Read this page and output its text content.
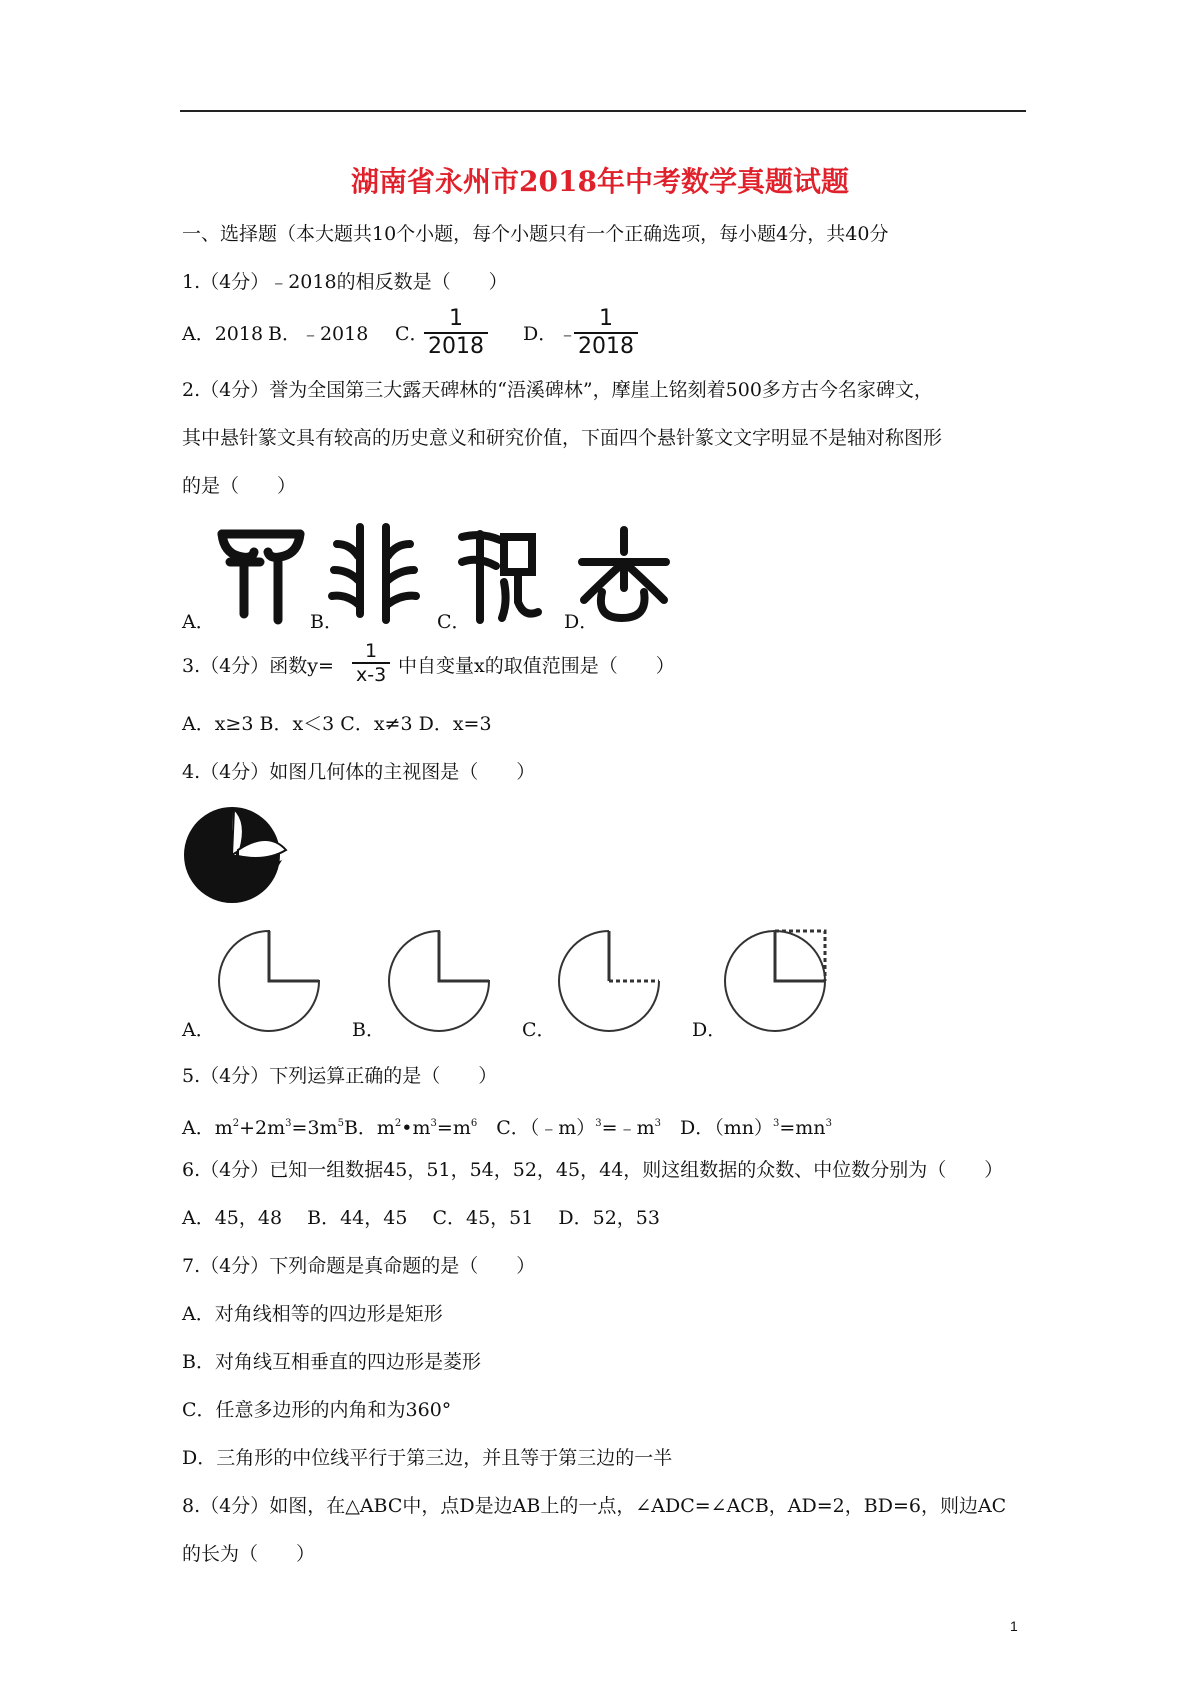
湖南省永州市2018年中考数学真题试题
一、选择题（本大题共10个小题，每个小题只有一个正确选项，每小题4分，共40分
1.（4分）﹣2018的相反数是（　　）
A．2018 B．﹣2018 C．
$\frac{1}{2018}$ D． ﹣
$\frac{1}{2018}$
2.（4分）誉为全国第三大露天碑林的“浯溪碑林”，摩崖上铭刻着500多方古今名家碑文，
其中悬针篆文具有较高的历史意义和研究价值，下面四个悬针篆文文字明显不是轴对称图形
的是（　　）
A．	B．	C．	D．
3.（4分）函数$y= \frac{1}{x-3}$ 中自变量x的取值范围是（　　）
A．x≥3 B．x＜3 C．x≠3 D．x=3
4.（4分）如图几何体的主视图是（　　）
A．	B．	C．	D．
5.（4分）下列运算正确的是（　　）
A．$m^2+2m^3=3m^5B$．$m^2•m^3=m^6$　 C．$(﹣m)^3=﹣m^3$　 D．$(mn)^3=mn^3$
6.（4分）已知一组数据45，51，54，52，45，44，则这组数据的众数、中位数分别为（　　）
A．45，48　 B．44，45　 C．45，51　 D．52，53
7.（4分）下列命题是真命题的是（　　）
A．对角线相等的四边形是矩形
B．对角线互相垂直的四边形是菱形
C．任意多边形的内角和为360°
D．三角形的中位线平行于第三边，并且等于第三边的一半
8.（4分）如图，在△ABC中，点D是边AB上的一点，∠ADC=∠ACB，AD=2，BD=6，则边AC
的长为（　　）
1
